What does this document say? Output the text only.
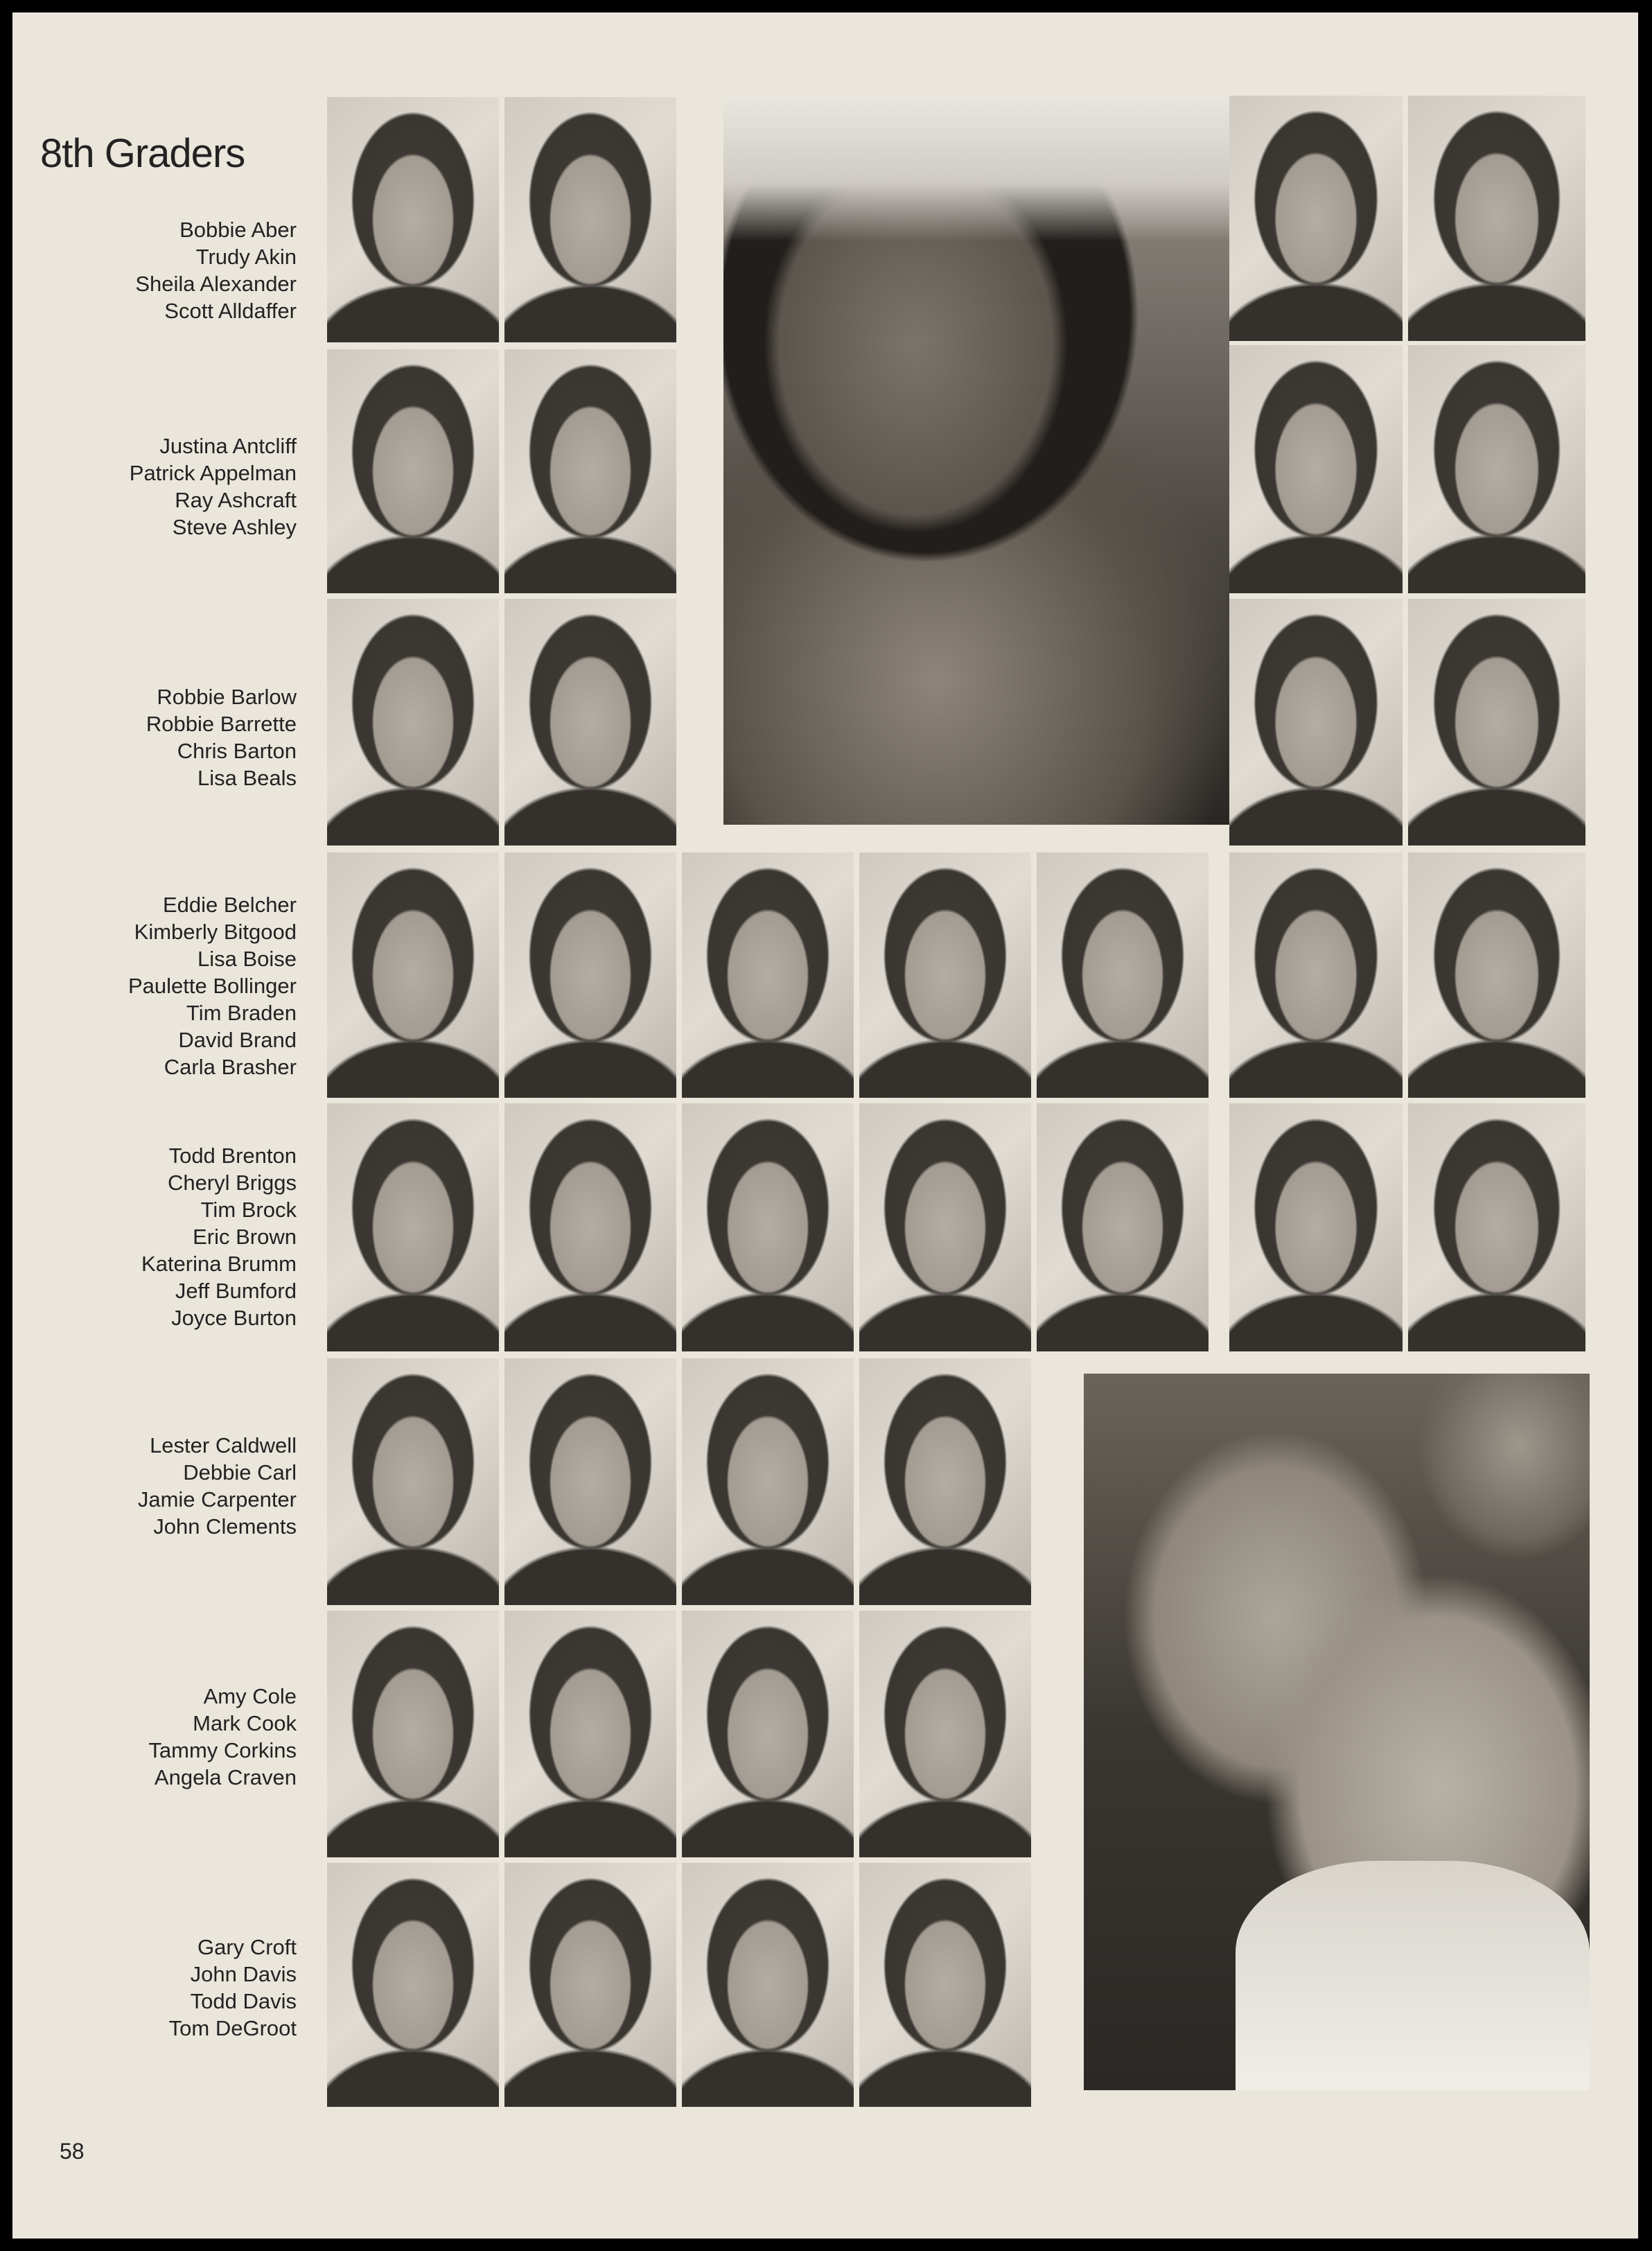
8th Graders
Bobbie Aber
Trudy Akin
Sheila Alexander
Scott Alldaffer
Justina Antcliff
Patrick Appelman
Ray Ashcraft
Steve Ashley
Robbie Barlow
Robbie Barrette
Chris Barton
Lisa Beals
Eddie Belcher
Kimberly Bitgood
Lisa Boise
Paulette Bollinger
Tim Braden
David Brand
Carla Brasher
Todd Brenton
Cheryl Briggs
Tim Brock
Eric Brown
Katerina Brumm
Jeff Bumford
Joyce Burton
Lester Caldwell
Debbie Carl
Jamie Carpenter
John Clements
Amy Cole
Mark Cook
Tammy Corkins
Angela Craven
Gary Croft
John Davis
Todd Davis
Tom DeGroot
58
